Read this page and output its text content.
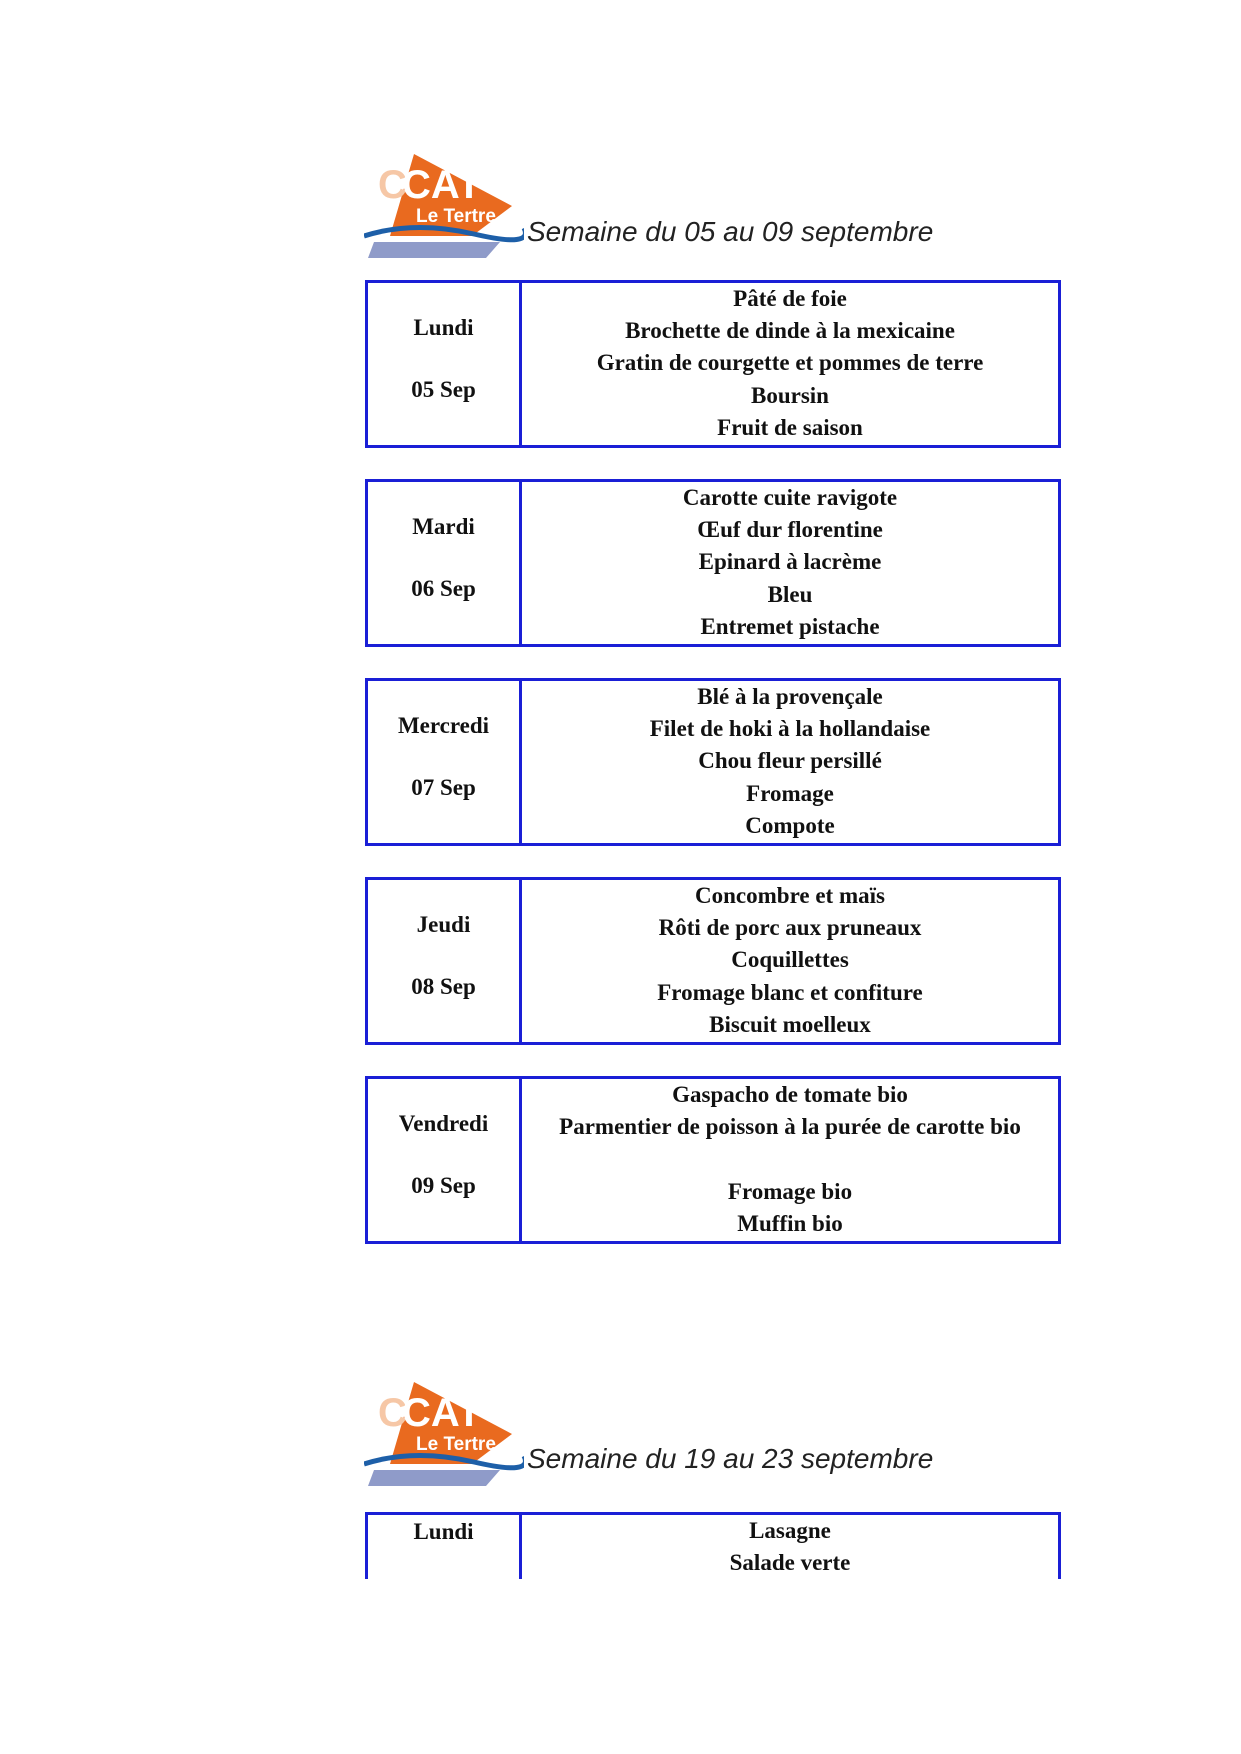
C
CAT
Le Tertre Semaine du 05 au 09 septembre
Lundi
05 Sep
Pâté de foie
Brochette de dinde à la mexicaine
Gratin de courgette et pommes de terre
Boursin
Fruit de saison
Mardi
06 Sep
Carotte cuite ravigote
Œuf dur florentine
Epinard à lacrème
Bleu
Entremet pistache
Mercredi
07 Sep
Blé à la provençale
Filet de hoki à la hollandaise
Chou fleur persillé
Fromage
Compote
Jeudi
08 Sep
Concombre et maïs
Rôti de porc aux pruneaux
Coquillettes
Fromage blanc et confiture
Biscuit moelleux
Vendredi
09 Sep
Gaspacho de tomate bio
Parmentier de poisson à la purée de carotte bio
Fromage bio
Muffin bio
C
CAT
Le Tertre Semaine du 19 au 23 septembre
Lundi	Lasagne
Salade verte
